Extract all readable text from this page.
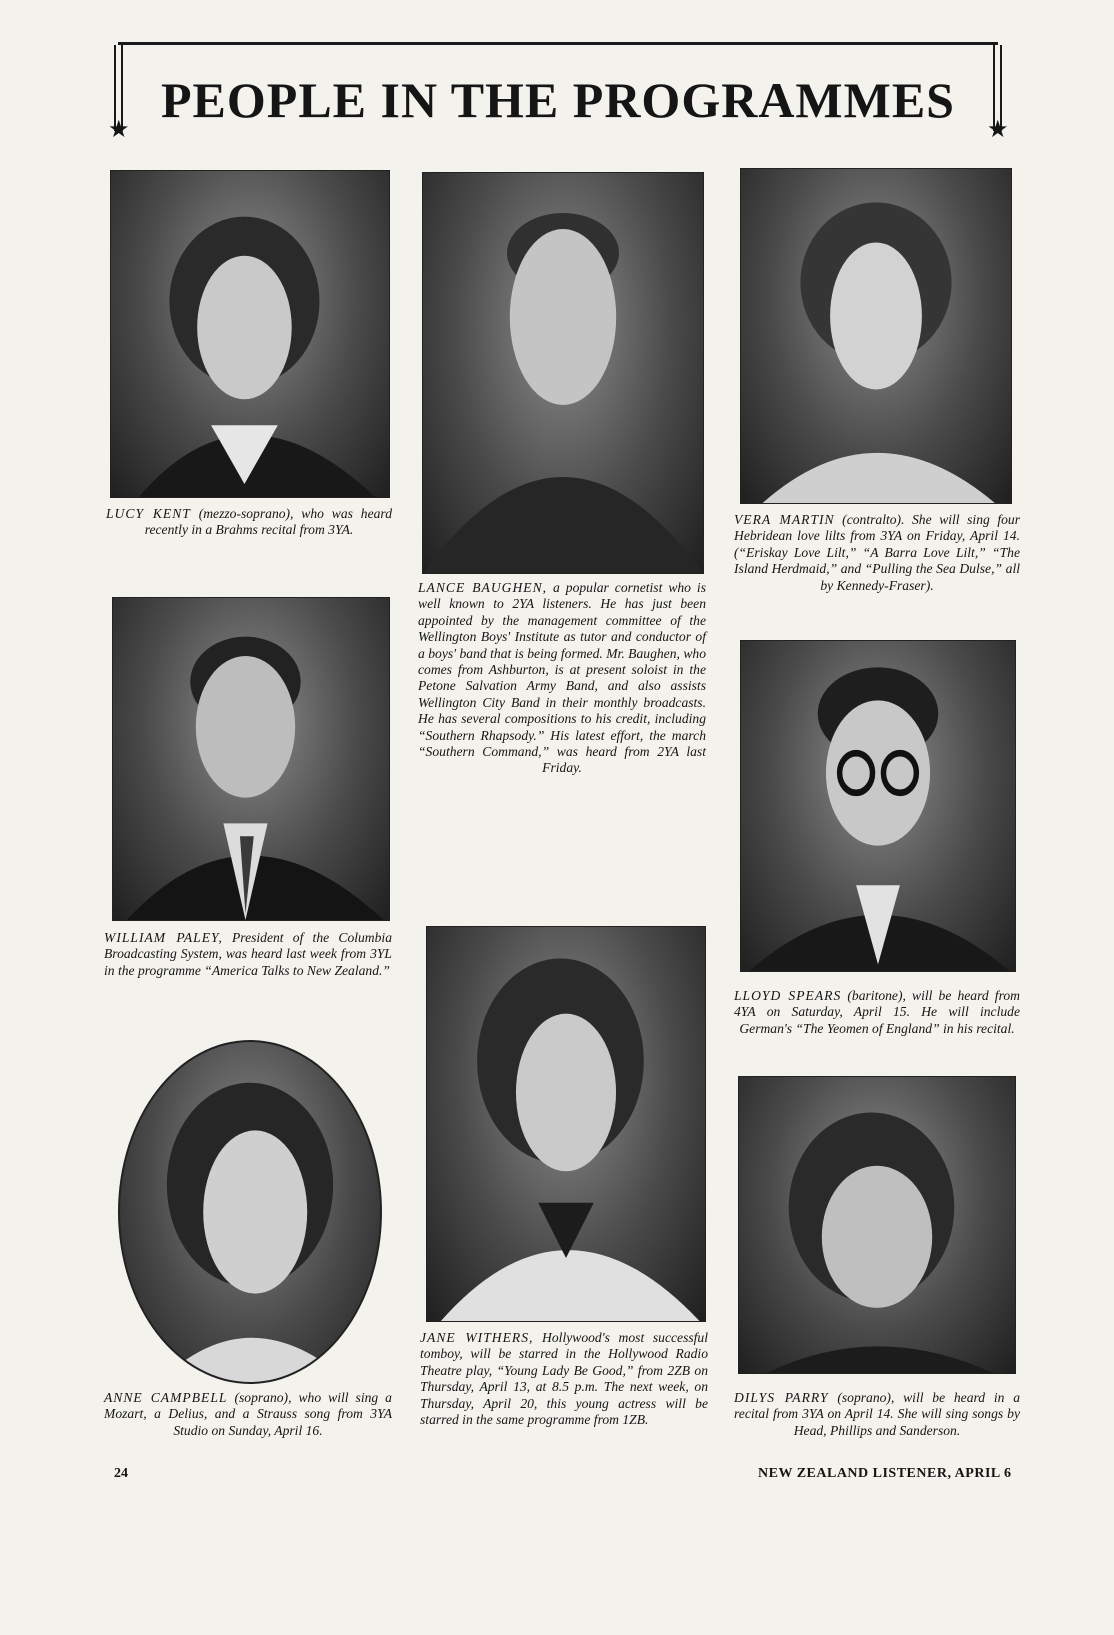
PEOPLE IN THE PROGRAMMES
★	★
LUCY KENT (mezzo-soprano), who was heard recently in a Brahms recital from 3YA.
WILLIAM PALEY, President of the Columbia Broadcasting System, was heard last week from 3YL in the programme “America Talks to New Zealand.”
ANNE CAMPBELL (soprano), who will sing a Mozart, a Delius, and a Strauss song from 3YA Studio on Sunday, April 16.
LANCE BAUGHEN, a popular cornetist who is well known to 2YA listeners. He has just been appointed by the management committee of the Wellington Boys' Institute as tutor and conductor of a boys' band that is being formed. Mr. Baughen, who comes from Ashburton, is at present soloist in the Petone Salvation Army Band, and also assists Wellington City Band in their monthly broadcasts. He has several compositions to his credit, including “Southern Rhapsody.” His latest effort, the march “Southern Command,” was heard from 2YA last Friday.
JANE WITHERS, Hollywood's most successful tomboy, will be starred in the Hollywood Radio Theatre play, “Young Lady Be Good,” from 2ZB on Thursday, April 13, at 8.5 p.m. The next week, on Thursday, April 20, this young actress will be starred in the same programme from 1ZB.
VERA MARTIN (contralto). She will sing four Hebridean love lilts from 3YA on Friday, April 14. (“Eriskay Love Lilt,” “A Barra Love Lilt,” “The Island Herdmaid,” and “Pulling the Sea Dulse,” all by Kennedy-Fraser).
LLOYD SPEARS (baritone), will be heard from 4YA on Saturday, April 15. He will include German's “The Yeomen of England” in his recital.
DILYS PARRY (soprano), will be heard in a recital from 3YA on April 14. She will sing songs by Head, Phillips and Sanderson.
24	NEW ZEALAND LISTENER, APRIL 6
